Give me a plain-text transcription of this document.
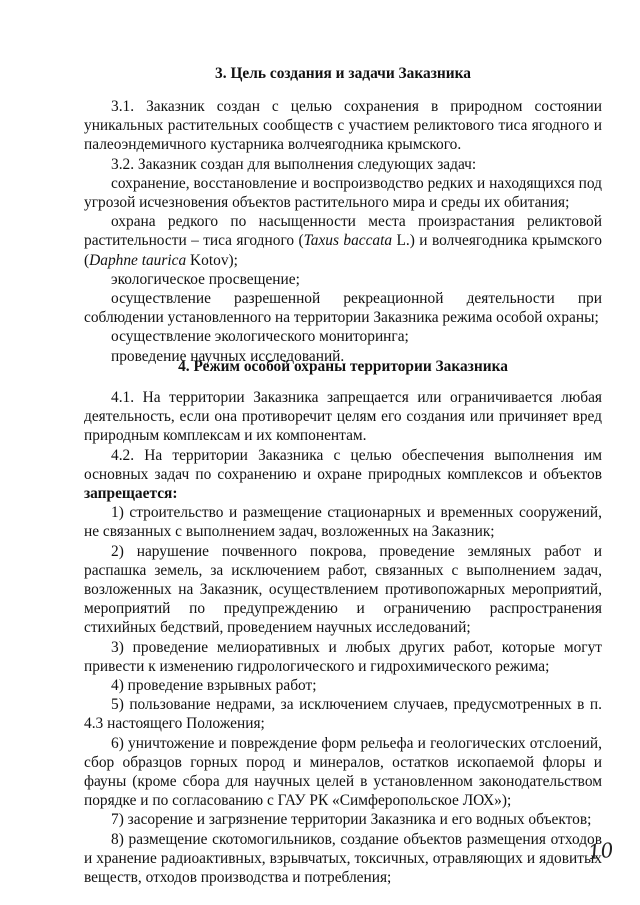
3. Цель создания и задачи Заказника

3.1. Заказник создан с целью сохранения в природном состоянии уникальных растительных сообществ с участием реликтового тиса ягодного и палеоэндемичного кустарника волчеягодника крымского.

3.2. Заказник создан для выполнения следующих задач:

сохранение, восстановление и воспроизводство редких и находящихся под угрозой исчезновения объектов растительного мира и среды их обитания;

охрана редкого по насыщенности места произрастания реликтовой растительности – тиса ягодного (Taxus baccata L.) и волчеягодника крымского (Daphne taurica Kotov);

экологическое просвещение;

осуществление разрешенной рекреационной деятельности при соблюдении установленного на территории Заказника режима особой охраны;

осуществление экологического мониторинга;

проведение научных исследований.

4. Режим особой охраны территории Заказника

4.1. На территории Заказника запрещается или ограничивается любая деятельность, если она противоречит целям его создания или причиняет вред природным комплексам и их компонентам.

4.2. На территории Заказника с целью обеспечения выполнения им основных задач по сохранению и охране природных комплексов и объектов запрещается:

1) строительство и размещение стационарных и временных сооружений, не связанных с выполнением задач, возложенных на Заказник;

2) нарушение почвенного покрова, проведение земляных работ и распашка земель, за исключением работ, связанных с выполнением задач, возложенных на Заказник, осуществлением противопожарных мероприятий, мероприятий по предупреждению и ограничению распространения стихийных бедствий, проведением научных исследований;

3) проведение мелиоративных и любых других работ, которые могут привести к изменению гидрологического и гидрохимического режима;

4) проведение взрывных работ;

5) пользование недрами, за исключением случаев, предусмотренных в п. 4.3 настоящего Положения;

6) уничтожение и повреждение форм рельефа и геологических отслоений, сбор образцов горных пород и минералов, остатков ископаемой флоры и фауны (кроме сбора для научных целей в установленном законодательством порядке и по согласованию с ГАУ РК «Симферопольское ЛОХ»);

7) засорение и загрязнение территории Заказника и его водных объектов;

8) размещение скотомогильников, создание объектов размещения отходов и хранение радиоактивных, взрывчатых, токсичных, отравляющих и ядовитых веществ, отходов производства и потребления;

10
